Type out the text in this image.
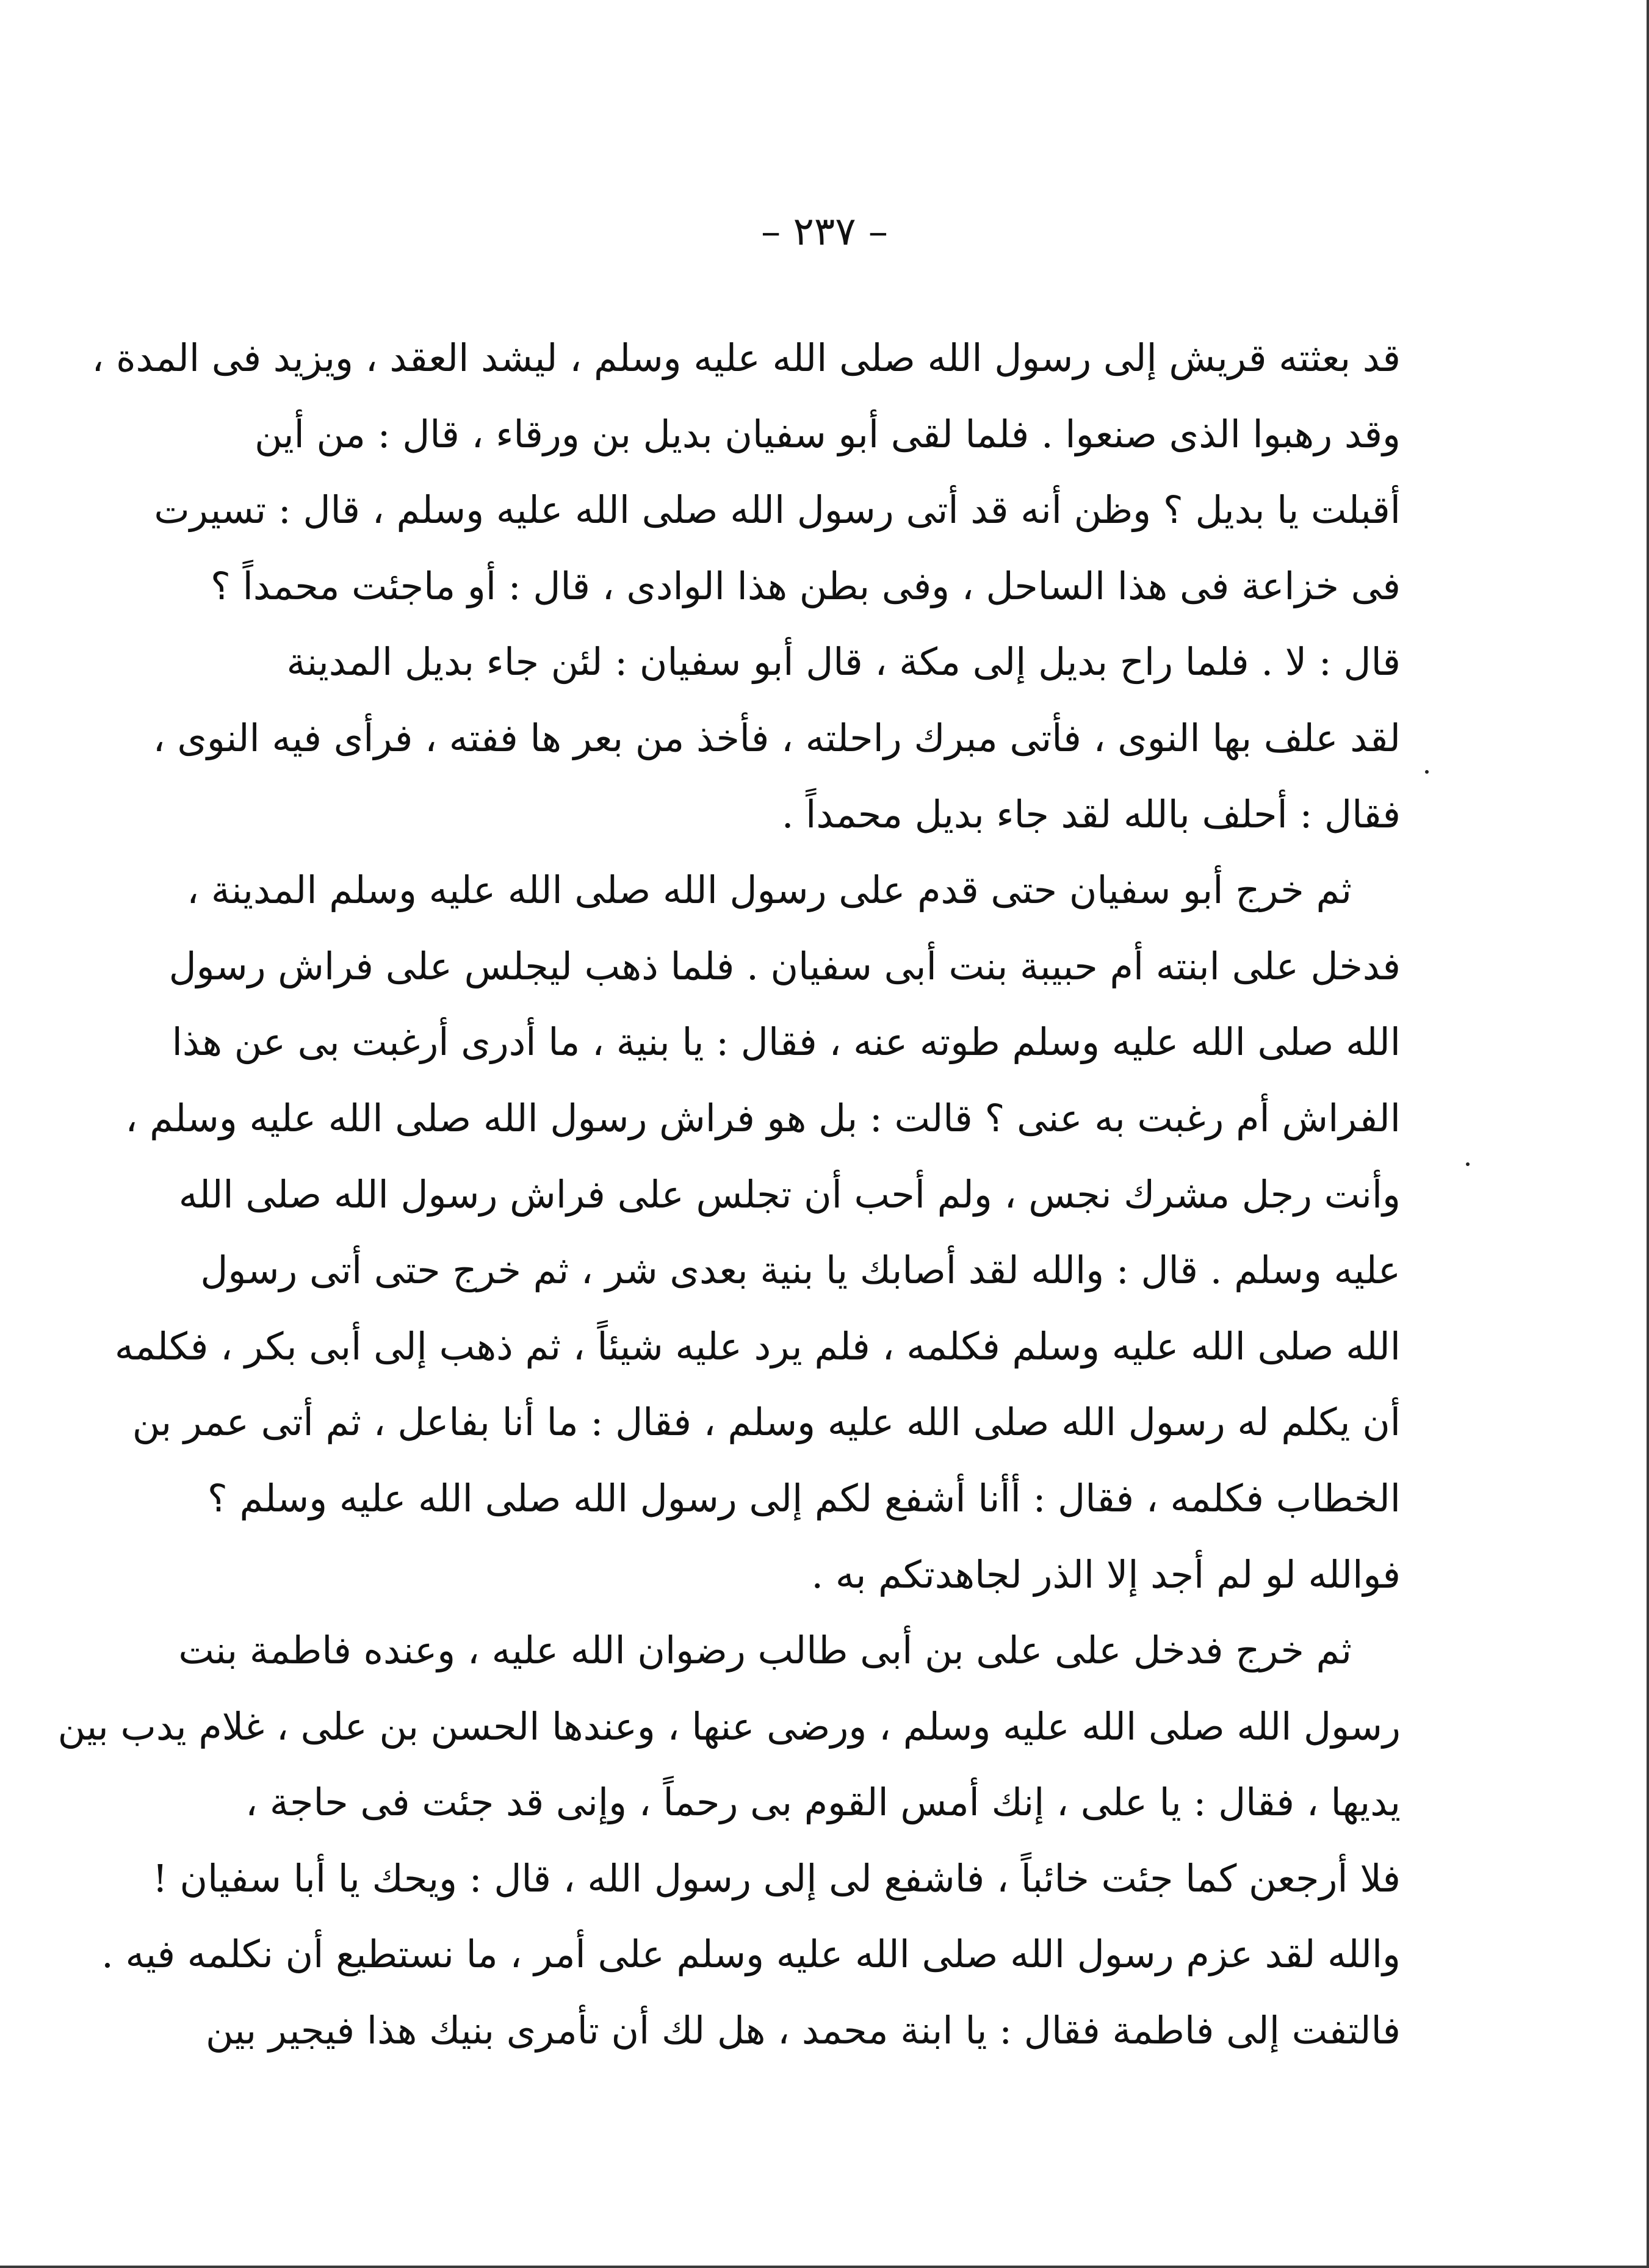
– ٢٣٧ –
قد بعثته قريش إلى رسول الله صلى الله عليه وسلم ، ليشد العقد ، ويزيد فى المدة ،
وقد رهبوا الذى صنعوا . فلما لقى أبو سفيان بديل بن ورقاء ، قال : من أين
أقبلت يا بديل ؟ وظن أنه قد أتى رسول الله صلى الله عليه وسلم ، قال : تسيرت
فى خزاعة فى هذا الساحل ، وفى بطن هذا الوادى ، قال : أو ماجئت محمداً ؟
قال : لا . فلما راح بديل إلى مكة ، قال أبو سفيان : لئن جاء بديل المدينة
لقد علف بها النوى ، فأتى مبرك راحلته ، فأخذ من بعر ها ففته ، فرأى فيه النوى ،
فقال : أحلف بالله لقد جاء بديل محمداً .
ثم خرج أبو سفيان حتى قدم على رسول الله صلى الله عليه وسلم المدينة ،
فدخل على ابنته أم حبيبة بنت أبى سفيان . فلما ذهب ليجلس على فراش رسول
الله صلى الله عليه وسلم طوته عنه ، فقال : يا بنية ، ما أدرى أرغبت بى عن هذا
الفراش أم رغبت به عنى ؟ قالت : بل هو فراش رسول الله صلى الله عليه وسلم ،
وأنت رجل مشرك نجس ، ولم أحب أن تجلس على فراش رسول الله صلى الله
عليه وسلم . قال : والله لقد أصابك يا بنية بعدى شر ، ثم خرج حتى أتى رسول
الله صلى الله عليه وسلم فكلمه ، فلم يرد عليه شيئاً ، ثم ذهب إلى أبى بكر ، فكلمه
أن يكلم له رسول الله صلى الله عليه وسلم ، فقال : ما أنا بفاعل ، ثم أتى عمر بن
الخطاب فكلمه ، فقال : أأنا أشفع لكم إلى رسول الله صلى الله عليه وسلم ؟
فوالله لو لم أجد إلا الذر لجاهدتكم به .
ثم خرج فدخل على على بن أبى طالب رضوان الله عليه ، وعنده فاطمة بنت
رسول الله صلى الله عليه وسلم ، ورضى عنها ، وعندها الحسن بن على ، غلام يدب بين
يديها ، فقال : يا على ، إنك أمس القوم بى رحماً ، وإنى قد جئت فى حاجة ،
فلا أرجعن كما جئت خائباً ، فاشفع لى إلى رسول الله ، قال : ويحك يا أبا سفيان !
والله لقد عزم رسول الله صلى الله عليه وسلم على أمر ، ما نستطيع أن نكلمه فيه .
فالتفت إلى فاطمة فقال : يا ابنة محمد ، هل لك أن تأمرى بنيك هذا فيجير بين
